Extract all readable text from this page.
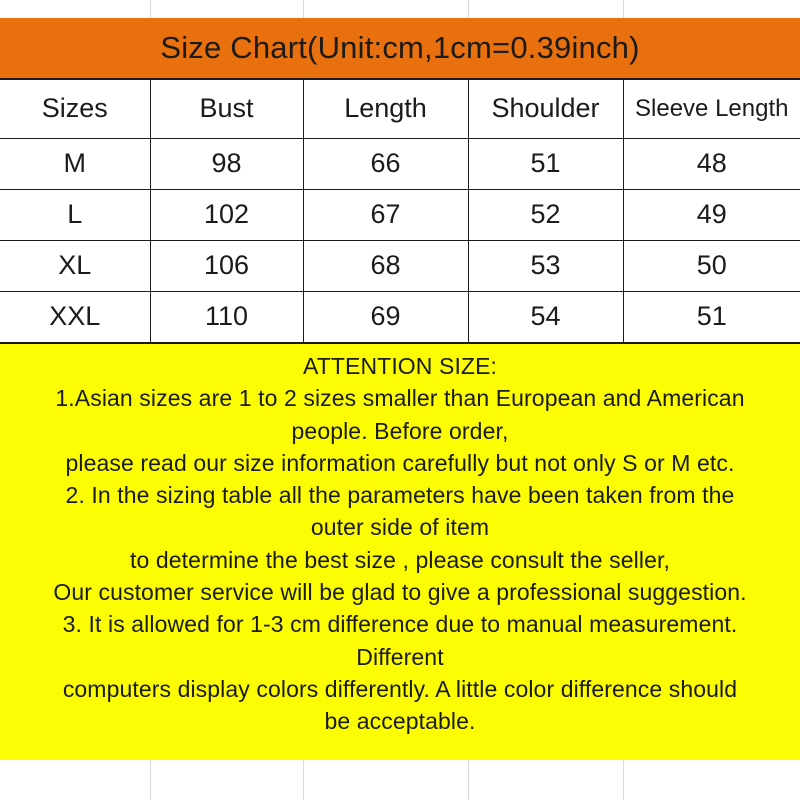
Size Chart(Unit:cm,1cm=0.39inch)
Sizes	Bust	Length	Shoulder	Sleeve Length
M	98	66	51	48
L	102	67	52	49
XL	106	68	53	50
XXL	110	69	54	51

ATTENTION SIZE:

1.Asian sizes are 1 to 2 sizes smaller than European and American

people. Before order,

please read our size information carefully but not only S or M etc.

2. In the sizing table all the parameters have been taken from the

outer side of item

to determine the best size , please consult the seller,

Our customer service will be glad to give a professional suggestion.

3. It is allowed for 1-3 cm difference due to manual measurement.

Different

computers display colors differently. A little color difference should

be acceptable.
